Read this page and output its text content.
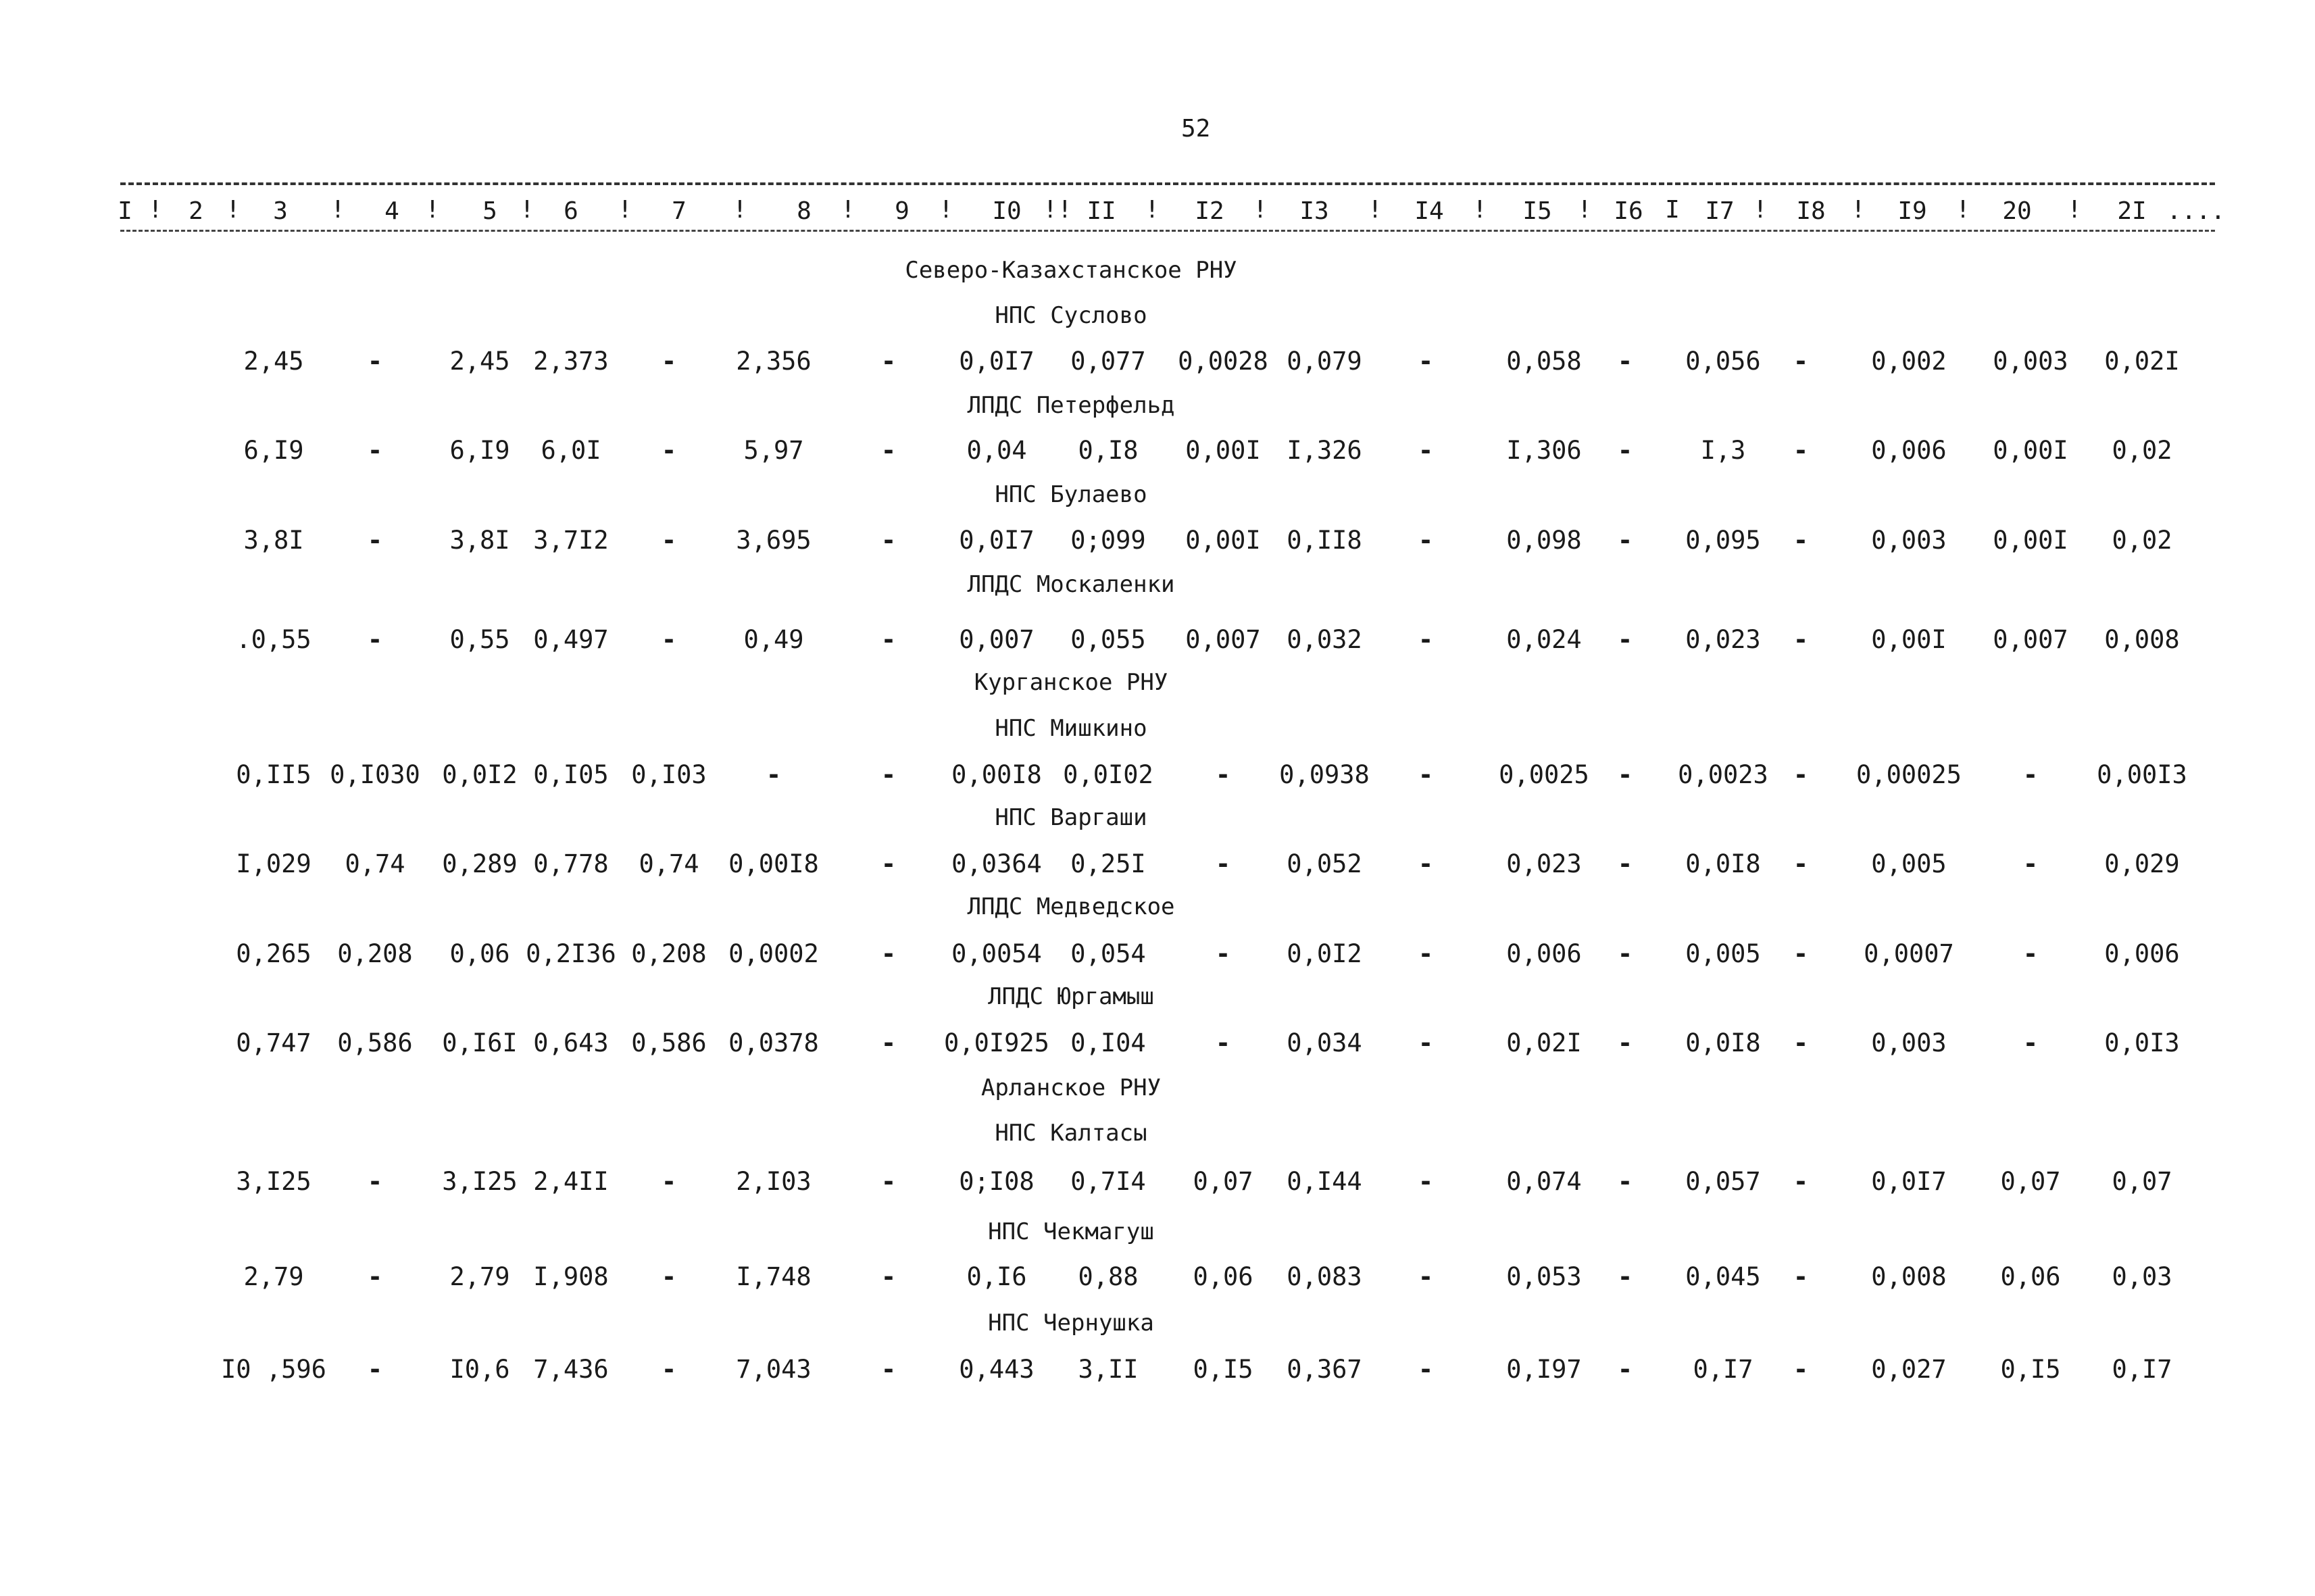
52
I 2	3	4	5	6	7	8	9	I0	II	I2	I3	I4	I5	I6	I7	I8	I9	20	2I
!	!	!	!	!	!	!	!	!	!!	!	!	!	!	!	I	!	!	!	!	....
Северо-Казахстанское РНУ
НПС Суслово
2,45	-	2,45 2,373 - 2,356	-	0,0I7 0,077 0,0028 0,079 -	0,058 - 0,056 -	0,002 0,003 0,02I
ЛПДС Петерфельд
6,I9	-	6,I9 6,0I -	5,97	-	0,04 0,I8 0,00I I,326 -	I,306 -	I,3 -	0,006 0,00I 0,02
НПС Булаево
3,8I	-	3,8I 3,7I2 - 3,695	-	0,0I7 0;099 0,00I 0,II8 -	0,098 - 0,095 -	0,003 0,00I 0,02
ЛПДС Москаленки
.0,55 -	0,55 0,497 -	0,49	-	0,007 0,055 0,007 0,032 -	0,024 - 0,023 -	0,00I 0,007 0,008
Курганское РНУ
НПС Мишкино
0,II5 0,I030 0,0I2 0,I05 0,I03 -	- 0,00I8 0,0I02 - 0,0938 -	0,0025 - 0,0023 - 0,00025 - 0,00I3
НПС Варгаши
I,029 0,74 0,289 0,778 0,74 0,00I8 - 0,0364 0,25I	- 0,052 -	0,023 - 0,0I8 -	0,005	-	0,029
ЛПДС Медведское
0,265 0,208 0,06 0,2I36 0,208 0,0002 - 0,0054 0,054	- 0,0I2 -	0,006 - 0,005 - 0,0007	-	0,006
ЛПДС Юргамыш
0,747 0,586 0,I6I 0,643 0,586 0,0378 - 0,0I925 0,I04	- 0,034 -	0,02I - 0,0I8 -	0,003	-	0,0I3
Арланское РНУ
НПС Калтасы
3,I25 - 3,I25 2,4II - 2,I03	-	0;I08 0,7I4 0,07 0,I44 -	0,074 - 0,057 -	0,0I7 0,07 0,07
НПС Чекмагуш
2,79	-	2,79 I,908 - I,748	-	0,I6 0,88 0,06 0,083 -	0,053 - 0,045 -	0,008 0,06 0,03
НПС Чернушка
I0 ,596 -	I0,6 7,436 - 7,043	-	0,443 3,II 0,I5 0,367 -	0,I97 - 0,I7 -	0,027 0,I5 0,I7
